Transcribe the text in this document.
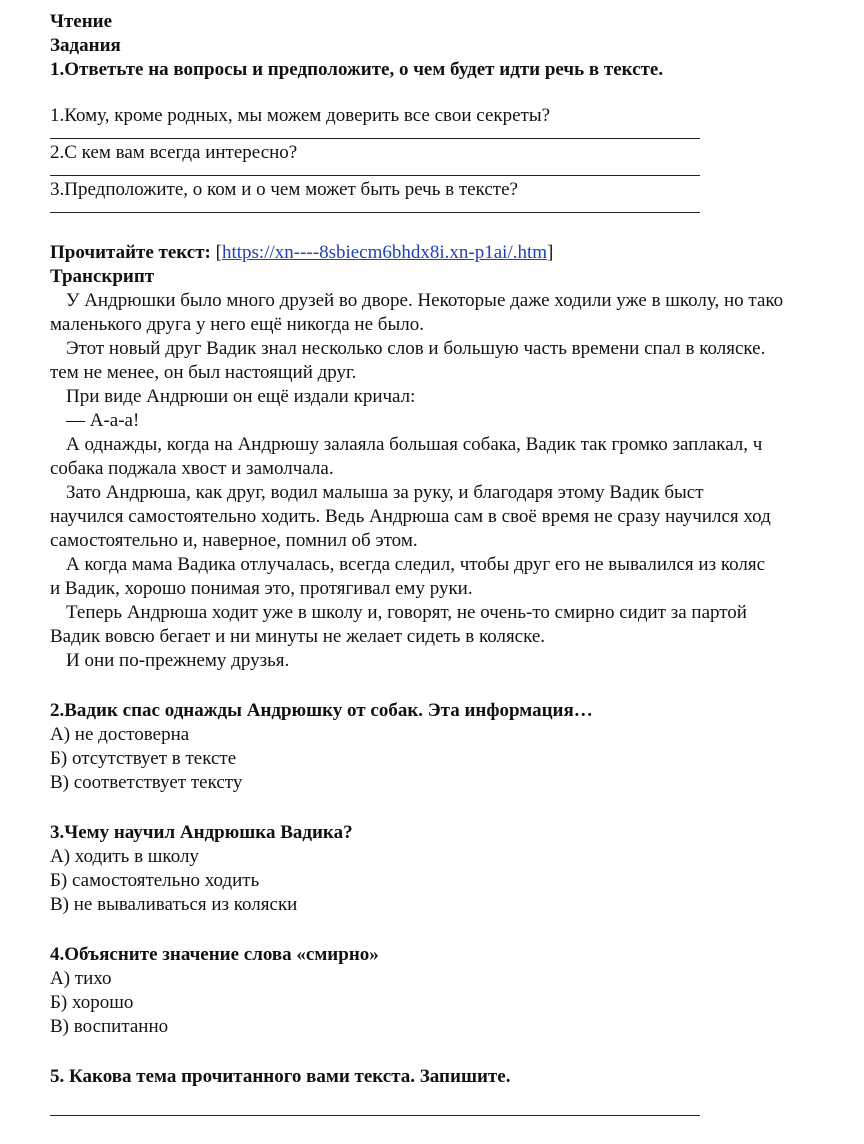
Чтение
Задания
1.Ответьте на вопросы и предположите, о чем будет идти речь в тексте.
1.Кому, кроме родных, мы можем доверить все свои секреты?
2.С кем вам всегда интересно?
3.Предположите, о ком и о чем может быть речь в тексте?
Прочитайте текст: [https://xn----8sbiecm6bhdx8i.xn-p1ai/.htm]
Транскрипт
У Андрюшки было много друзей во дворе. Некоторые даже ходили уже в школу, но тако
маленького друга у него ещё никогда не было.
Этот новый друг Вадик знал несколько слов и большую часть времени спал в коляске.
тем не менее, он был настоящий друг.
При виде Андрюши он ещё издали кричал:
— А-а-а!
А однажды, когда на Андрюшу залаяла большая собака, Вадик так громко заплакал, ч
собака поджала хвост и замолчала.
Зато Андрюша, как друг, водил малыша за руку, и благодаря этому Вадик быст
научился самостоятельно ходить. Ведь Андрюша сам в своё время не сразу научился ход
самостоятельно и, наверное, помнил об этом.
А когда мама Вадика отлучалась, всегда следил, чтобы друг его не вывалился из коляс
и Вадик, хорошо понимая это, протягивал ему руки.
Теперь Андрюша ходит уже в школу и, говорят, не очень-то смирно сидит за партой
Вадик вовсю бегает и ни минуты не желает сидеть в коляске.
И они по-прежнему друзья.
2.Вадик спас однажды Андрюшку от собак. Эта информация…
А) не достоверна
Б) отсутствует в тексте
В) соответствует тексту
3.Чему научил Андрюшка Вадика?
А) ходить в школу
Б) самостоятельно ходить
В) не вываливаться из коляски
4.Объясните значение слова «смирно»
А) тихо
Б) хорошо
В) воспитанно
5. Какова тема прочитанного вами текста. Запишите.
